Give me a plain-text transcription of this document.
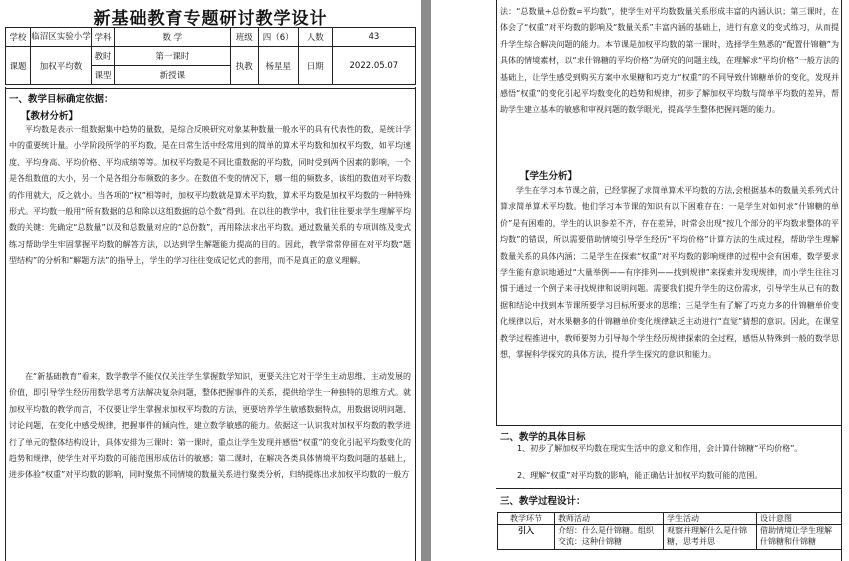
新基础教育专题研讨教学设计
学校	临沼区实验小学	学科	数 学	班级	四（6）	人数	43
课题	加权平均数	教时	第一课时	执教	杨星星	日期	2022.05.07
		课型	新授课				
一、教学目标确定依据：
【教材分析】

平均数是表示一组数据集中趋势的量数，是综合反映研究对象某种数量一般水平的具有代表性的数，是统计学中的重要统计量。小学阶段所学的平均数，是在日常生活中经常用到的简单的算术平均数和加权平均数，如平均速度、平均身高、平均价格、平均成绩等等。加权平均数是不同比重数据的平均数，同时受到两个因素的影响，一个是各组数值的大小，另一个是各组分布频数的多少。在数值不变的情况下，哪一组的频数多，该组的数值对平均数的作用就大，反之就小。当各项的“权”相等时，加权平均数就是算术平均数，算术平均数是加权平均数的一种特殊形式。平均数一般用“所有数据的总和除以这组数据的总个数”得到。在以往的教学中，我们往往要求学生理解平均数的关键：先确定“总数量”以及和总数量对应的“总份数”，再用除法求出平均数。通过数量关系的专项训练及变式练习帮助学生牢固掌握平均数的解答方法，以达到学生解题能力提高的目的。因此，教学常常停留在对平均数“题型结构”的分析和“解题方法”的指导上，学生的学习往往变成记忆式的套用，而不是真正的意义理解。

在“新基础教育”看来，数学教学不能仅仅关注学生掌握数学知识，更要关注它对于学生主动思维、主动发展的价值，即引导学生经历用数学思考方法解决复杂问题，整体把握事件的关系，提供给学生一种独特的思维方式。就加权平均数的教学而言，不仅要让学生掌握求加权平均数的方法，更要培养学生敏感数据特点，用数据说明问题、讨论问题，在变化中感受规律，把握事件的倾向性，建立数学敏感的能力。依据这一认识我对加权平均数的教学进行了单元的整体结构设计，具体安排为三课时：第一课时，重点让学生发现并感悟“权重”的变化引起平均数变化的趋势和规律，使学生对平均数的可能范围形成估计的敏感；第二课时，在解决各类具体情境平均数问题的基础上，进步体验“权重”对平均数的影响，同时聚焦不同情境的数量关系进行聚类分析，归纳提炼出求加权平均数的一般方

法：“总数量÷总份数=平均数”，使学生对平均数数量关系形成丰富的内涵认识；第三课时，在体会了“权重”对平均数的影响及“数量关系”丰富内涵的基础上，进行有意义的变式练习，从而提升学生综合解决问题的能力。本节课是加权平均数的第一课时，选择学生熟悉的“配置什锦糖”为具体的情境素材，以“求什锦糖的平均价格”为研究的问题主线，在理解求“平均价格”一般方法的基础上，让学生感受到购买方案中水果糖和巧克力“权重”的不同导致什锦糖单价的变化，发现并感悟“权重”的变化引起平均数变化的趋势和规律，初步了解加权平均数与简单平均数的差异，帮助学生建立基本的敏感和审视问题的数学眼光，提高学生整体把握问题的能力。

【学生分析】

学生在学习本节课之前，已经掌握了求简单算术平均数的方法,会根据基本的数量关系列式计算求简单算术平均数。他们学习本节课的知识有以下困难存在：一是学生对如何求“什锦糖的单价”是有困难的，学生的认识参差不齐，存在差异，时常会出现“按几个部分的平均数求整体的平均数”的错误，所以需要借助情境引导学生经历“平均价格”计算方法的生成过程，帮助学生理解数量关系的具体内涵；二是学生在探索“权重”对平均数的影响规律的过程中会有困难，数学要求学生能有意识地通过“大量举例——有序排列——找到规律”来探索并发现规律，而小学生往往习惯于通过一个例子来寻找规律和说明问题。需要我们提升学生的这份需求，引导学生从已有的数据和结论中找到本节课所要学习目标所要求的思维；三是学生有了解了巧克力多的什锦糖单价变化规律以后，对水果糖多的什锦糖单价变化规律缺乏主动进行“直觉”猜想的意识。因此，在课堂教学过程推进中，教师要努力引导每个学生经历规律探索的全过程，感悟从特殊到一般的数学思想，掌握科学探究的具体方法，提升学生探究的意识和能力。

二、教学的具体目标

1、初步了解加权平均数在现实生活中的意义和作用，会计算什锦糖“平均价格”。

2、理解“权重”对平均数的影响，能正确估计加权平均数可能的范围。

三、教学过程设计：
教学环节	教师活动	学生活动	设计意图
引入	介绍：什么是什锦糖。组织交流：这种什锦糖	观察并理解什么是什锦糖，思考并思	借助情境让学生理解什锦糖和什锦糖
